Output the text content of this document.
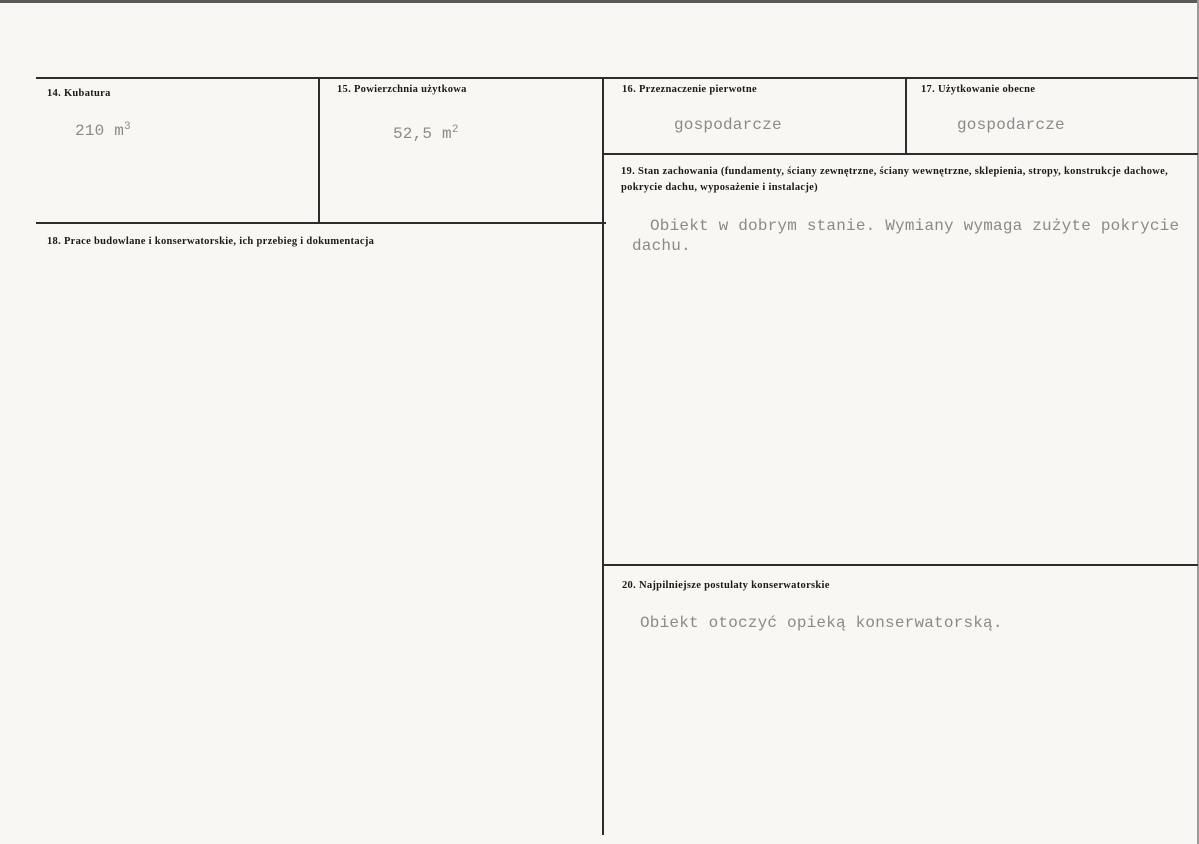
14. Kubatura
210 $m^3$
15. Powierzchnia użytkowa
52,5 $m^2$
16. Przeznaczenie pierwotne
gospodarcze
17. Użytkowanie obecne
gospodarcze
18. Prace budowlane i konserwatorskie, ich przebieg i dokumentacja
19. Stan zachowania (fundamenty, ściany zewnętrzne, ściany wewnętrzne, sklepienia, stropy, konstrukcje dachowe, pokrycie dachu, wyposażenie i instalacje)
Obiekt w dobrym stanie. Wymiany wymaga zużyte pokrycie dachu.
20. Najpilniejsze postulaty konserwatorskie
Obiekt otoczyć opieką konserwatorską.
